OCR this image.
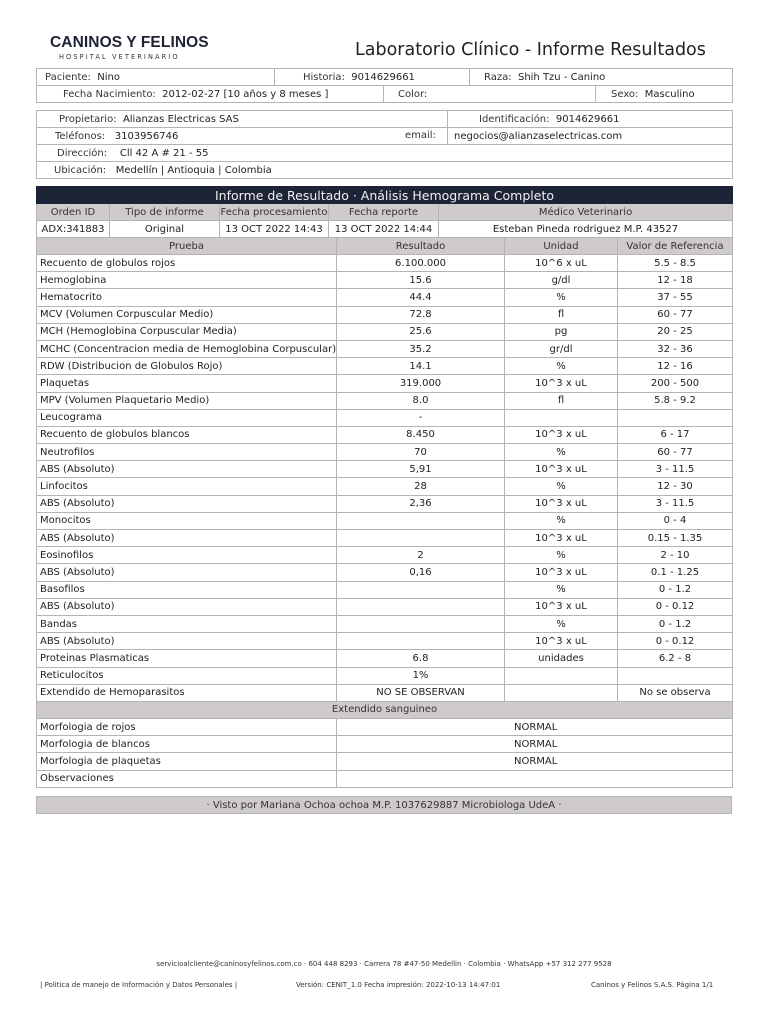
CANINOS Y FELINOS
HOSPITAL VETERINARIO	Laboratorio Clínico - Informe Resultados
Paciente: Nino	Historia: 9014629661	Raza: Shih Tzu - Canino
Fecha Nacimiento: 2012-02-27 [10 años y 8 meses ]	Color:	Sexo: Masculino
Propietario: Alianzas Electricas SAS	Identificación: 9014629661
Teléfonos: 3103956746	email: negocios@alianzaselectricas.com
Dirección: Cll 42 A # 21 - 55	
Ubicación: Medellín | Antioquia | Colombia	
Informe de Resultado · Análisis Hemograma Completo				
Orden ID	Tipo de informe	Fecha procesamiento	Fecha reporte	Médico Veterinario
ADX:341883	Original	13 OCT 2022 14:43	13 OCT 2022 14:44	Esteban Pineda rodriguez M.P. 43527
Prueba	Resultado	Unidad	Valor de Referencia
Recuento de globulos rojos	6.100.000	10^6 x uL	5.5 - 8.5
Hemoglobina	15.6	g/dl	12 - 18
Hematocrito	44.4	%	37 - 55
MCV (Volumen Corpuscular Medio)	72.8	fl	60 - 77
MCH (Hemoglobina Corpuscular Media)	25.6	pg	20 - 25
MCHC (Concentracion media de Hemoglobina Corpuscular)	35.2	gr/dl	32 - 36
RDW (Distribucion de Globulos Rojo)	14.1	%	12 - 16
Plaquetas	319.000	10^3 x uL	200 - 500
MPV (Volumen Plaquetario Medio)	8.0	fl	5.8 - 9.2
Leucograma	-		
Recuento de globulos blancos	8.450	10^3 x uL	6 - 17
Neutrofilos	70	%	60 - 77
ABS (Absoluto)	5,91	10^3 x uL	3 - 11.5
Linfocitos	28	%	12 - 30
ABS (Absoluto)	2,36	10^3 x uL	3 - 11.5
Monocitos		%	0 - 4
ABS (Absoluto)		10^3 x uL	0.15 - 1.35
Eosinofilos	2	%	2 - 10
ABS (Absoluto)	0,16	10^3 x uL	0.1 - 1.25
Basofilos		%	0 - 1.2
ABS (Absoluto)		10^3 x uL	0 - 0.12
Bandas		%	0 - 1.2
ABS (Absoluto)		10^3 x uL	0 - 0.12
Proteinas Plasmaticas	6.8	unidades	6.2 - 8
Reticulocitos	1%		
Extendido de Hemoparasitos	NO SE OBSERVAN		No se observa
Extendido sanguineo			
Morfologia de rojos	NORMAL		
Morfologia de blancos	NORMAL		
Morfologia de plaquetas	NORMAL		
Observaciones			
· Visto por Mariana Ochoa ochoa M.P. 1037629887 Microbiologa UdeA ·
servicioalcliente@caninosyfelinos.com.co · 604 448 8293 · Carrera 78 #47-50 Medellin · Colombia · WhatsApp +57 312 277 9528
| Politica de manejo de Información y Datos Personales |	Versión: CENIT_1.0 Fecha impresión: 2022-10-13 14:47:01	Caninos y Felinos S.A.S. Página 1/1
